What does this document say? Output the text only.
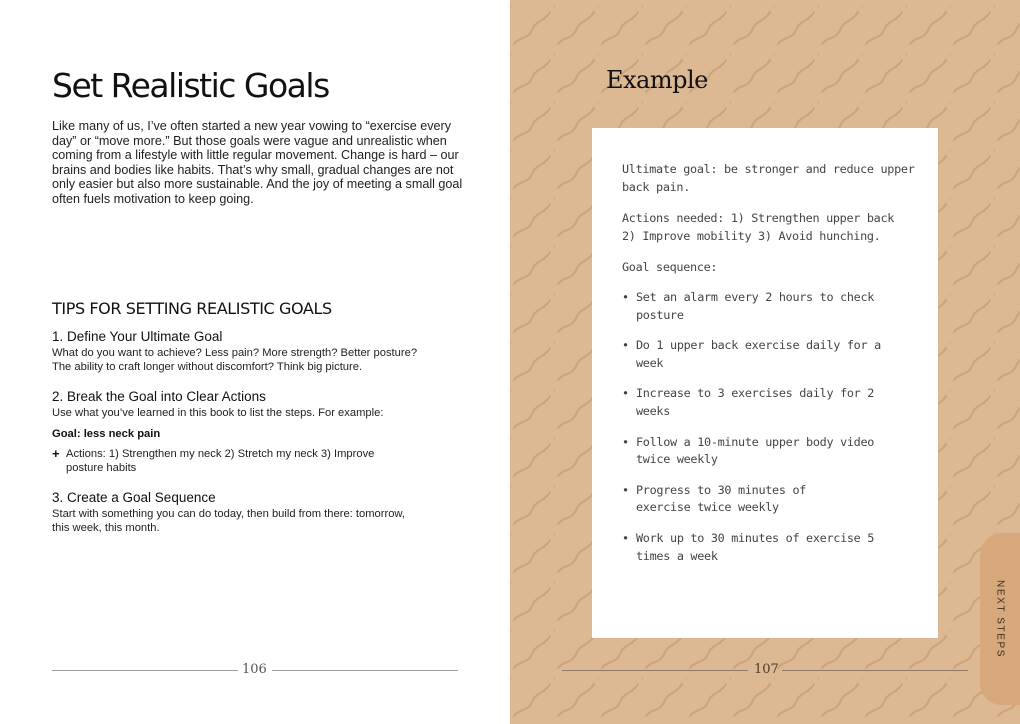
Set Realistic Goals

Like many of us, I’ve often started a new year vowing to “exercise every day” or “move more.” But those goals were vague and unrealistic when coming from a lifestyle with little regular movement. Change is hard – our brains and bodies like habits. That’s why small, gradual changes are not only easier but also more sustainable. And the joy of meeting a small goal often fuels motivation to keep going.

TIPS FOR SETTING REALISTIC GOALS
1. Define Your Ultimate Goal
What do you want to achieve? Less pain? More strength? Better posture? The ability to craft longer without discomfort? Think big picture.
2. Break the Goal into Clear Actions
Use what you’ve learned in this book to list the steps. For example:
Goal: less neck pain
+ Actions: 1) Strengthen my neck 2) Stretch my neck 3) Improve posture habits
3. Create a Goal Sequence
Start with something you can do today, then build from there: tomorrow, this week, this month.
106
Example
Ultimate goal: be stronger and reduce upper back pain.
Actions needed: 1) Strengthen upper back 2) Improve mobility 3) Avoid hunching.
Goal sequence:
• Set an alarm every 2 hours to check posture
• Do 1 upper back exercise daily for a week
• Increase to 3 exercises daily for 2 weeks
• Follow a 10-minute upper body video twice weekly
• Progress to 30 minutes of exercise twice weekly
• Work up to 30 minutes of exercise 5 times a week
107
NEXT STEPS
